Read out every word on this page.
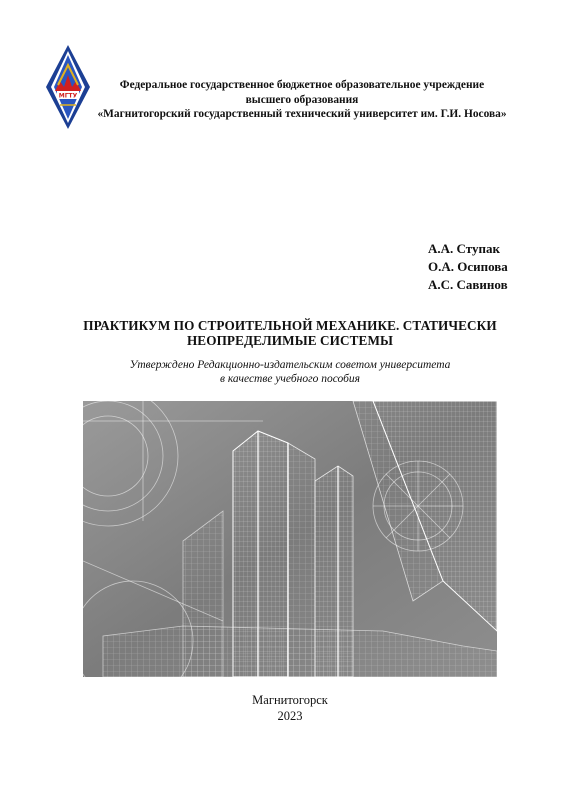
МГТУ
Федеральное государственное бюджетное образовательное учреждение
высшего образования
«Магнитогорский государственный технический университет им. Г.И. Носова»
А.А. Ступак
О.А. Осипова
А.С. Савинов
ПРАКТИКУМ ПО СТРОИТЕЛЬНОЙ МЕХАНИКЕ. СТАТИЧЕСКИ
НЕОПРЕДЕЛИМЫЕ СИСТЕМЫ
Утверждено Редакционно-издательским советом университета
в качестве учебного пособия
Магнитогорск
2023
